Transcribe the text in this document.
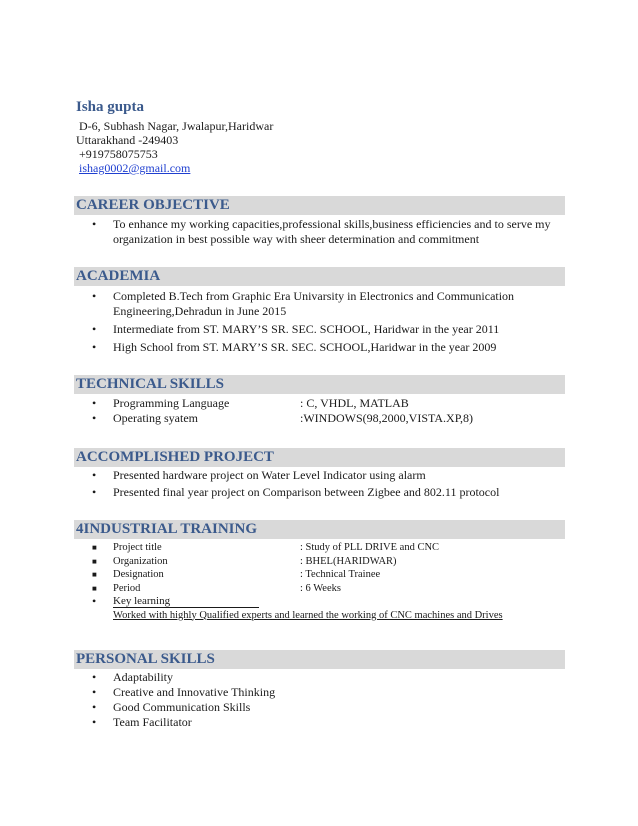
Isha gupta
D-6, Subhash Nagar, Jwalapur,Haridwar
Uttarakhand -249403
+919758075753
ishag0002@gmail.com
CAREER OBJECTIVE
• To enhance my working capacities,professional skills,business efficiencies and to serve my organization in best possible way with sheer determination and commitment
ACADEMIA
• Completed B.Tech from Graphic Era Univarsity in Electronics and Communication Engineering,Dehradun in June 2015
• Intermediate from ST. MARY’S SR. SEC. SCHOOL, Haridwar in the year 2011
• High School from ST. MARY’S SR. SEC. SCHOOL,Haridwar in the year 2009
TECHNICAL SKILLS
• Programming Language	: C, VHDL, MATLAB
• Operating syatem	:WINDOWS(98,2000,VISTA.XP,8)
ACCOMPLISHED PROJECT
• Presented hardware project on Water Level Indicator using alarm
• Presented final year project on Comparison between Zigbee and 802.11 protocol
4INDUSTRIAL TRAINING
■ Project title	: Study of PLL DRIVE and CNC
■ Organization	: BHEL(HARIDWAR)
■ Designation	: Technical Trainee
■ Period	: 6 Weeks
• Key learning
Worked with highly Qualified experts and learned the working of CNC machines and Drives
PERSONAL SKILLS
• Adaptability
• Creative and Innovative Thinking
• Good Communication Skills
• Team Facilitator
